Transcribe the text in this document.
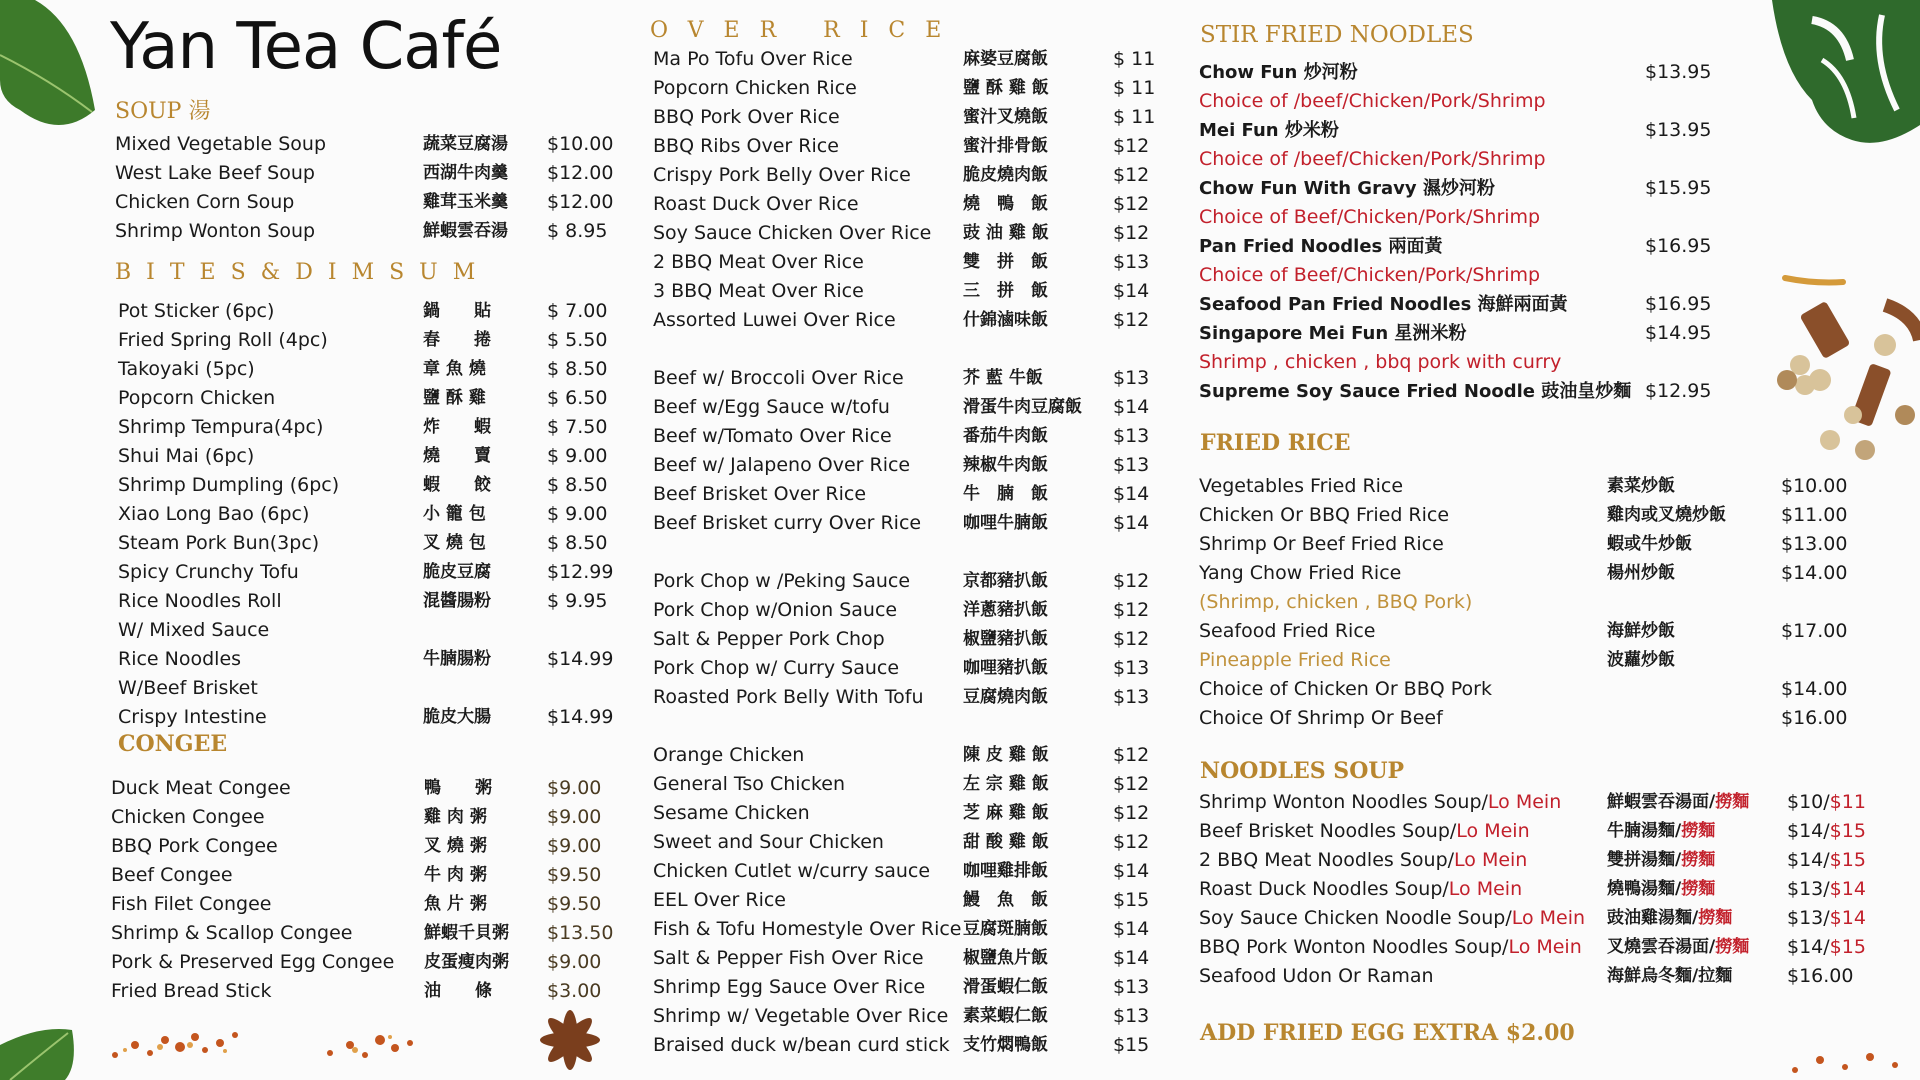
Yan Tea Café
SOUP 湯
Mixed Vegetable Soup	蔬菜豆腐湯 $10.00
West Lake Beef Soup	西湖牛肉羹 $12.00
Chicken Corn Soup	雞茸玉米羹 $12.00
Shrimp Wonton Soup	鮮蝦雲吞湯 $ 8.95
BITES&DIMSUM
Pot Sticker (6pc)	鍋　　貼	$ 7.00
Fried Spring Roll (4pc)	春　　捲	$ 5.50
Takoyaki (5pc)	章 魚 燒	$ 8.50
Popcorn Chicken	鹽 酥 雞	$ 6.50
Shrimp Tempura(4pc)	炸　　蝦	$ 7.50
Shui Mai (6pc)	燒　　賣	$ 9.00
Shrimp Dumpling (6pc)	蝦　　餃	$ 8.50
Xiao Long Bao (6pc)	小 籠 包	$ 9.00
Steam Pork Bun(3pc)	叉 燒 包	$ 8.50
Spicy Crunchy Tofu	脆皮豆腐	$12.99
Rice Noodles Roll	混醬腸粉	$ 9.95
W/ Mixed Sauce
Rice Noodles	牛腩腸粉	$14.99
W/Beef Brisket
Crispy Intestine	脆皮大腸	$14.99
CONGEE
Duck Meat Congee	鴨　　粥	$9.00
Chicken Congee	雞 肉 粥	$9.00
BBQ Pork Congee	叉 燒 粥	$9.00
Beef Congee	牛 肉 粥	$9.50
Fish Filet Congee	魚 片 粥	$9.50
Shrimp & Scallop Congee	鮮蝦千貝粥 $13.50
Pork & Preserved Egg Congee 皮蛋瘦肉粥 $9.00
Fried Bread Stick	油　　條	$3.00
OVER RICE
Ma Po Tofu Over Rice	麻婆豆腐飯	$ 11
Popcorn Chicken Rice	鹽 酥 雞 飯	$ 11
BBQ Pork Over Rice	蜜汁叉燒飯	$ 11
BBQ Ribs Over Rice	蜜汁排骨飯	$12
Crispy Pork Belly Over Rice	脆皮燒肉飯	$12
Roast Duck Over Rice	燒　鴨　飯	$12
Soy Sauce Chicken Over Rice 豉 油 雞 飯	$12
2 BBQ Meat Over Rice	雙　拼　飯	$13
3 BBQ Meat Over Rice	三　拼　飯	$14
Assorted Luwei Over Rice	什錦滷味飯	$12
Beef w/ Broccoli Over Rice	芥 藍 牛飯	$13
Beef w/Egg Sauce w/tofu	滑蛋牛肉豆腐飯 $14
Beef w/Tomato Over Rice	番茄牛肉飯	$13
Beef w/ Jalapeno Over Rice	辣椒牛肉飯	$13
Beef Brisket Over Rice	牛　腩　飯	$14
Beef Brisket curry Over Rice 咖哩牛腩飯	$14
Pork Chop w /Peking Sauce	京都豬扒飯	$12
Pork Chop w/Onion Sauce	洋蔥豬扒飯	$12
Salt & Pepper Pork Chop	椒鹽豬扒飯	$12
Pork Chop w/ Curry Sauce	咖哩豬扒飯	$13
Roasted Pork Belly With Tofu 豆腐燒肉飯	$13
Orange Chicken	陳 皮 雞 飯	$12
General Tso Chicken	左 宗 雞 飯	$12
Sesame Chicken	芝 麻 雞 飯	$12
Sweet and Sour Chicken	甜 酸 雞 飯	$12
Chicken Cutlet w/curry sauce 咖哩雞排飯	$14
EEL Over Rice	鰻　魚　飯	$15
Fish & Tofu Homestyle Over Rice 豆腐斑腩飯	$14
Salt & Pepper Fish Over Rice 椒鹽魚片飯	$14
Shrimp Egg Sauce Over Rice 滑蛋蝦仁飯	$13
Shrimp w/ Vegetable Over Rice 素菜蝦仁飯	$13
Braised duck w/bean curd stick 支竹燜鴨飯	$15
STIR FRIED NOODLES
Chow Fun 炒河粉	$13.95
Choice of /beef/Chicken/Pork/Shrimp
Mei Fun 炒米粉	$13.95
Choice of /beef/Chicken/Pork/Shrimp
Chow Fun With Gravy 濕炒河粉	$15.95
Choice of Beef/Chicken/Pork/Shrimp
Pan Fried Noodles 兩面黃	$16.95
Choice of Beef/Chicken/Pork/Shrimp
Seafood Pan Fried Noodles 海鮮兩面黃	$16.95
Singapore Mei Fun 星洲米粉	$14.95
Shrimp , chicken , bbq pork with curry
Supreme Soy Sauce Fried Noodle 豉油皇炒麵 $12.95
FRIED RICE
Vegetables Fried Rice	素菜炒飯	$10.00
Chicken Or BBQ Fried Rice	雞肉或叉燒炒飯	$11.00
Shrimp Or Beef Fried Rice	蝦或牛炒飯	$13.00
Yang Chow Fried Rice	楊州炒飯	$14.00
(Shrimp, chicken , BBQ Pork)
Seafood Fried Rice	海鮮炒飯	$17.00
Pineapple Fried Rice	波蘿炒飯
Choice of Chicken Or BBQ Pork	$14.00
Choice Of Shrimp Or Beef	$16.00
NOODLES SOUP
Shrimp Wonton Noodles Soup/Lo Mein	鮮蝦雲吞湯面/撈麵 $10/$11
Beef Brisket Noodles Soup/Lo Mein	牛腩湯麵/撈麵	$14/$15
2 BBQ Meat Noodles Soup/Lo Mein	雙拼湯麵/撈麵	$14/$15
Roast Duck Noodles Soup/Lo Mein	燒鴨湯麵/撈麵	$13/$14
Soy Sauce Chicken Noodle Soup/Lo Mein 豉油雞湯麵/撈麵	$13/$14
BBQ Pork Wonton Noodles Soup/Lo Mein 叉燒雲吞湯面/撈麵 $14/$15
Seafood Udon Or Raman	海鮮烏冬麵/拉麵	$16.00
ADD FRIED EGG EXTRA $2.00
